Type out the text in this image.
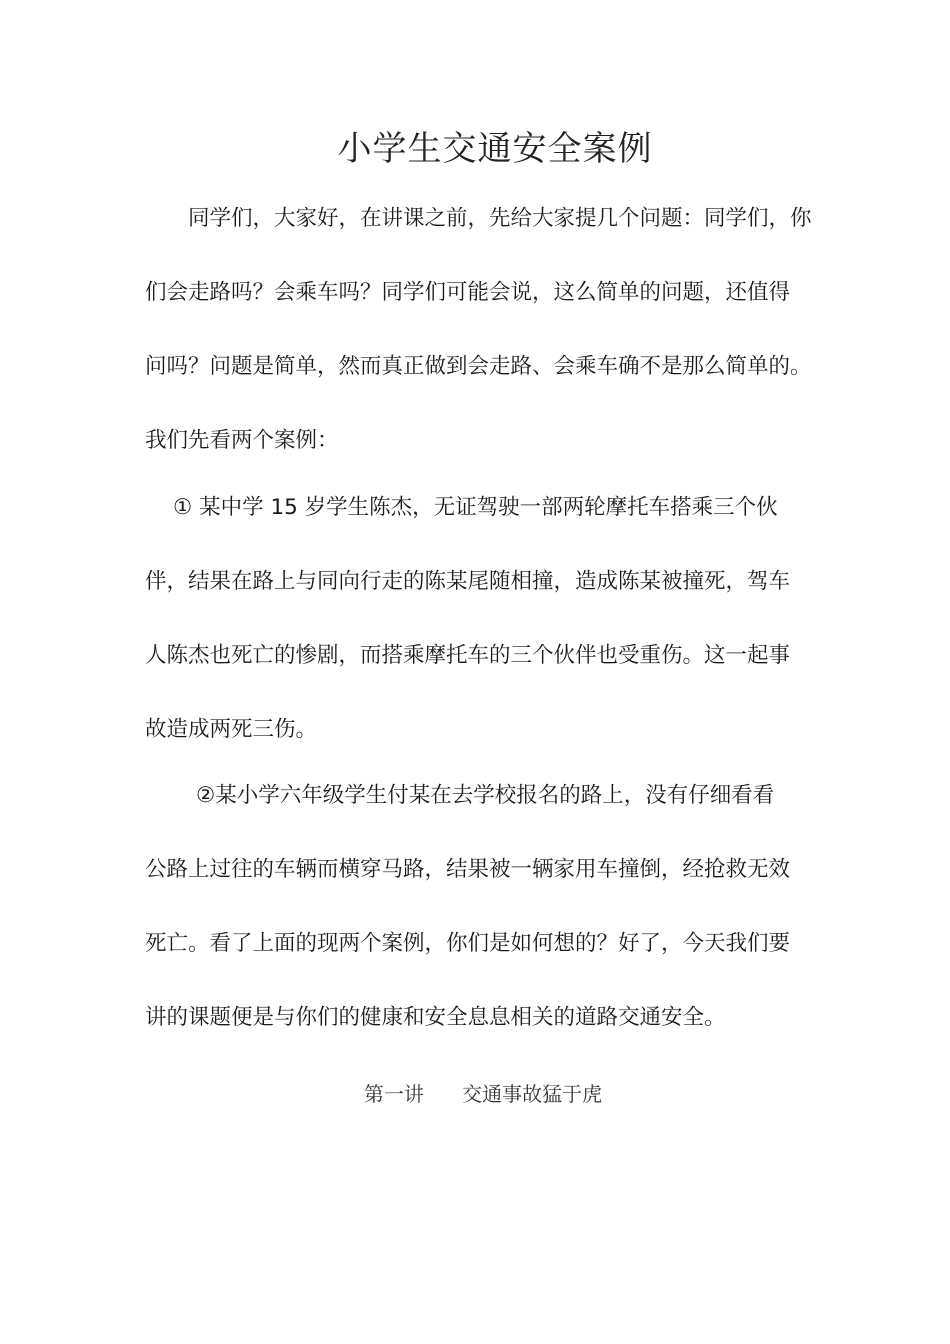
小学生交通安全案例
同学们，大家好，在讲课之前，先给大家提几个问题：同学们，你
们会走路吗？会乘车吗？同学们可能会说，这么简单的问题，还值得
问吗？问题是简单，然而真正做到会走路、会乘车确不是那么简单的。
我们先看两个案例：
① 某中学 15 岁学生陈杰，无证驾驶一部两轮摩托车搭乘三个伙
伴，结果在路上与同向行走的陈某尾随相撞，造成陈某被撞死，驾车
人陈杰也死亡的惨剧，而搭乘摩托车的三个伙伴也受重伤。这一起事
故造成两死三伤。
②某小学六年级学生付某在去学校报名的路上，没有仔细看看
公路上过往的车辆而横穿马路，结果被一辆家用车撞倒，经抢救无效
死亡。看了上面的现两个案例，你们是如何想的？好了，今天我们要
讲的课题便是与你们的健康和安全息息相关的道路交通安全。
第一讲      交通事故猛于虎
